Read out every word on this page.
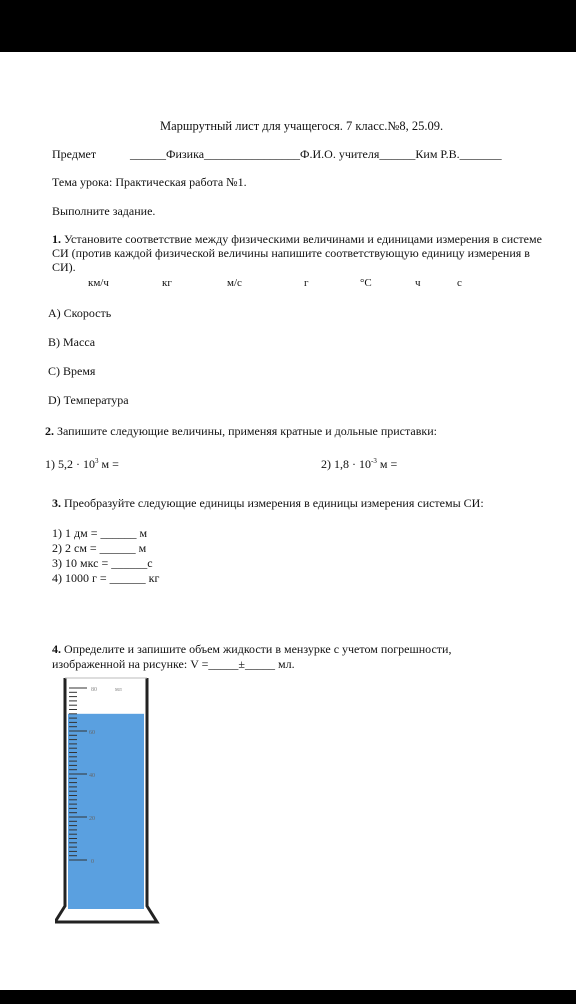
Маршрутный лист для учащегося. 7 класс.№8, 25.09.
Предмет	______Физика________________Ф.И.О. учителя______Ким Р.В._______
Тема урока: Практическая работа №1.
Выполните задание.
1. Установите соответствие между физическими величинами и единицами измерения в системе СИ (против каждой физической величины напишите соответствующую единицу измерения в СИ).
км/ч	кг	м/с	г	°С	ч	с
А) Скорость
В) Масса
С) Время
D) Температура
2. Запишите следующие величины, применяя кратные и дольные приставки:
1) $5,2 \cdot 10^3$ м =	2) $1,8 \cdot 10^{-3}$ м =
3. Преобразуйте следующие единицы измерения в единицы измерения системы СИ:
1) 1 дм = ______ м
2) 2 см = ______ м
3) 10 мкс = ______с
4) 1000 г = ______ кг
4. Определите и запишите объем жидкости в мензурке с учетом погрешности,
изображенной на рисунке: V =_____±_____ мл.
80
60
40
20
0
мл
